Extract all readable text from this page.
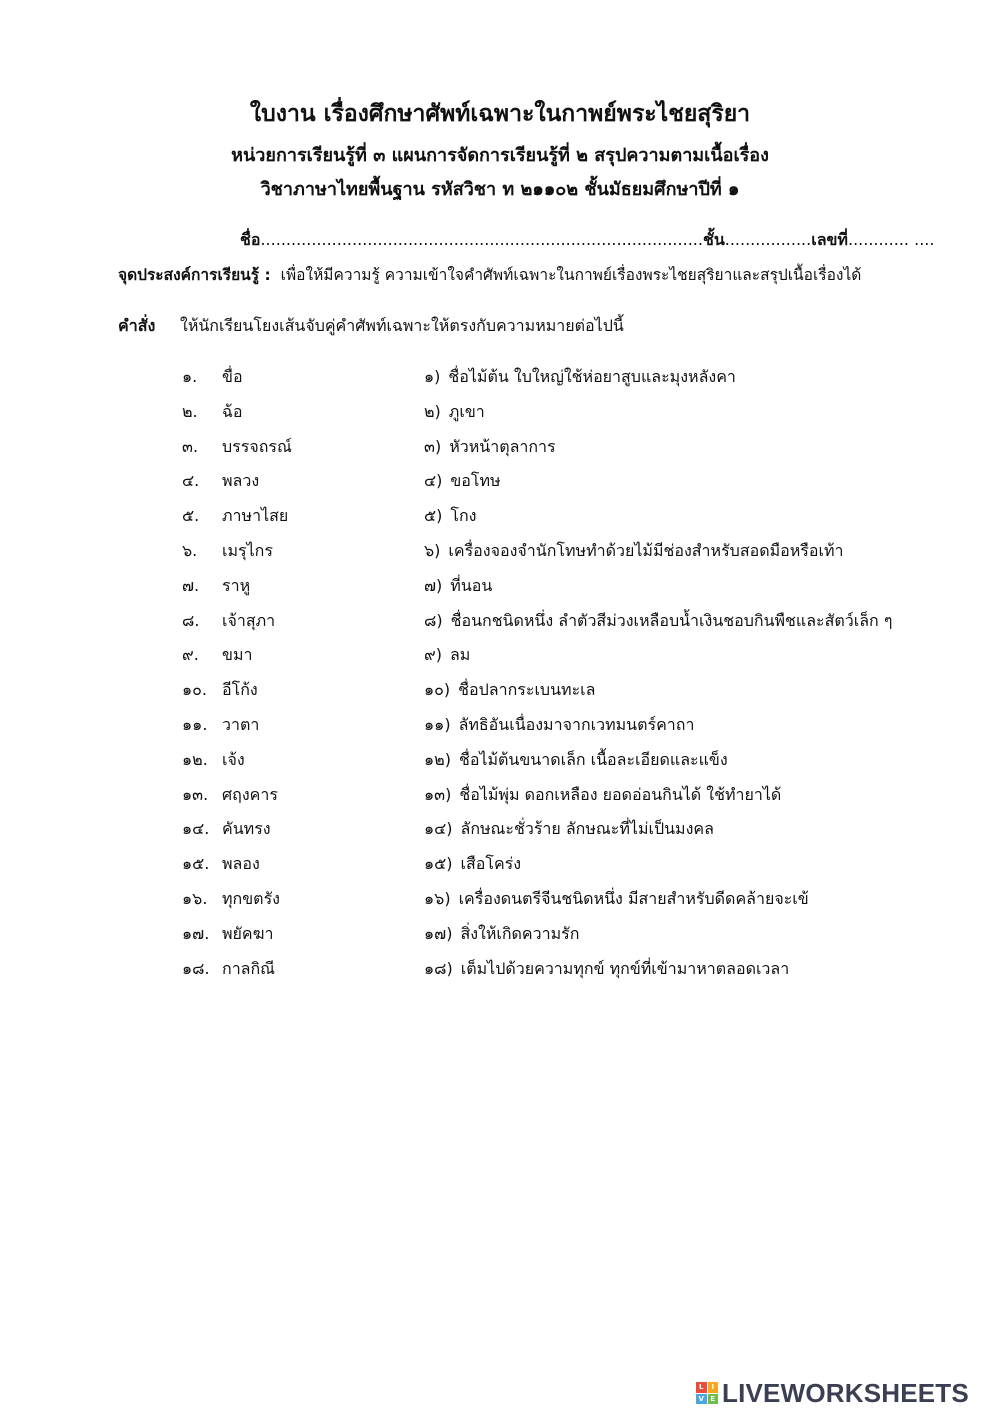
ใบงาน เรื่องศึกษาศัพท์เฉพาะในกาพย์พระไชยสุริยา
หน่วยการเรียนรู้ที่ ๓ แผนการจัดการเรียนรู้ที่ ๒ สรุปความตามเนื้อเรื่อง
วิชาภาษาไทยพื้นฐาน รหัสวิชา ท ๒๑๑๐๒ ชั้นมัธยมศึกษาปีที่ ๑
ชื่อ.......................................................................................ชั้น.................เลขที่............ ....
จุดประสงค์การเรียนรู้ : เพื่อให้มีความรู้ ความเข้าใจคำศัพท์เฉพาะในกาพย์เรื่องพระไชยสุริยาและสรุปเนื้อเรื่องได้
คำสั่ง ให้นักเรียนโยงเส้นจับคู่คำศัพท์เฉพาะให้ตรงกับความหมายต่อไปนี้
๑. ขื่อ	๑) ชื่อไม้ต้น ใบใหญ่ใช้ห่อยาสูบและมุงหลังคา
๒. ฉ้อ	๒) ภูเขา
๓. บรรจถรณ์	๓) หัวหน้าตุลาการ
๔. พลวง	๔) ขอโทษ
๕. ภาษาไสย	๕) โกง
๖. เมรุไกร	๖) เครื่องจองจำนักโทษทำด้วยไม้มีช่องสำหรับสอดมือหรือเท้า
๗. ราหู	๗) ที่นอน
๘. เจ้าสุภา	๘) ชื่อนกชนิดหนึ่ง ลำตัวสีม่วงเหลือบน้ำเงินชอบกินพืชและสัตว์เล็ก ๆ
๙. ขมา	๙) ลม
๑๐. อีโก้ง	๑๐) ชื่อปลากระเบนทะเล
๑๑. วาตา	๑๑) ลัทธิอันเนื่องมาจากเวทมนตร์คาถา
๑๒. เจ้ง	๑๒) ชื่อไม้ต้นขนาดเล็ก เนื้อละเอียดและแข็ง
๑๓. ศฤงคาร	๑๓) ชื่อไม้พุ่ม ดอกเหลือง ยอดอ่อนกินได้ ใช้ทำยาได้
๑๔. คันทรง	๑๔) ลักษณะชั่วร้าย ลักษณะที่ไม่เป็นมงคล
๑๕. พลอง	๑๕) เสือโคร่ง
๑๖. ทุกขตรัง	๑๖) เครื่องดนตรีจีนชนิดหนึ่ง มีสายสำหรับดีดคล้ายจะเข้
๑๗. พยัคฆา	๑๗) สิ่งให้เกิดความรัก
๑๘. กาลกิณี	๑๘) เต็มไปด้วยความทุกข์ ทุกข์ที่เข้ามาหาตลอดเวลา
L	I
V E LIVEWORKSHEETS
